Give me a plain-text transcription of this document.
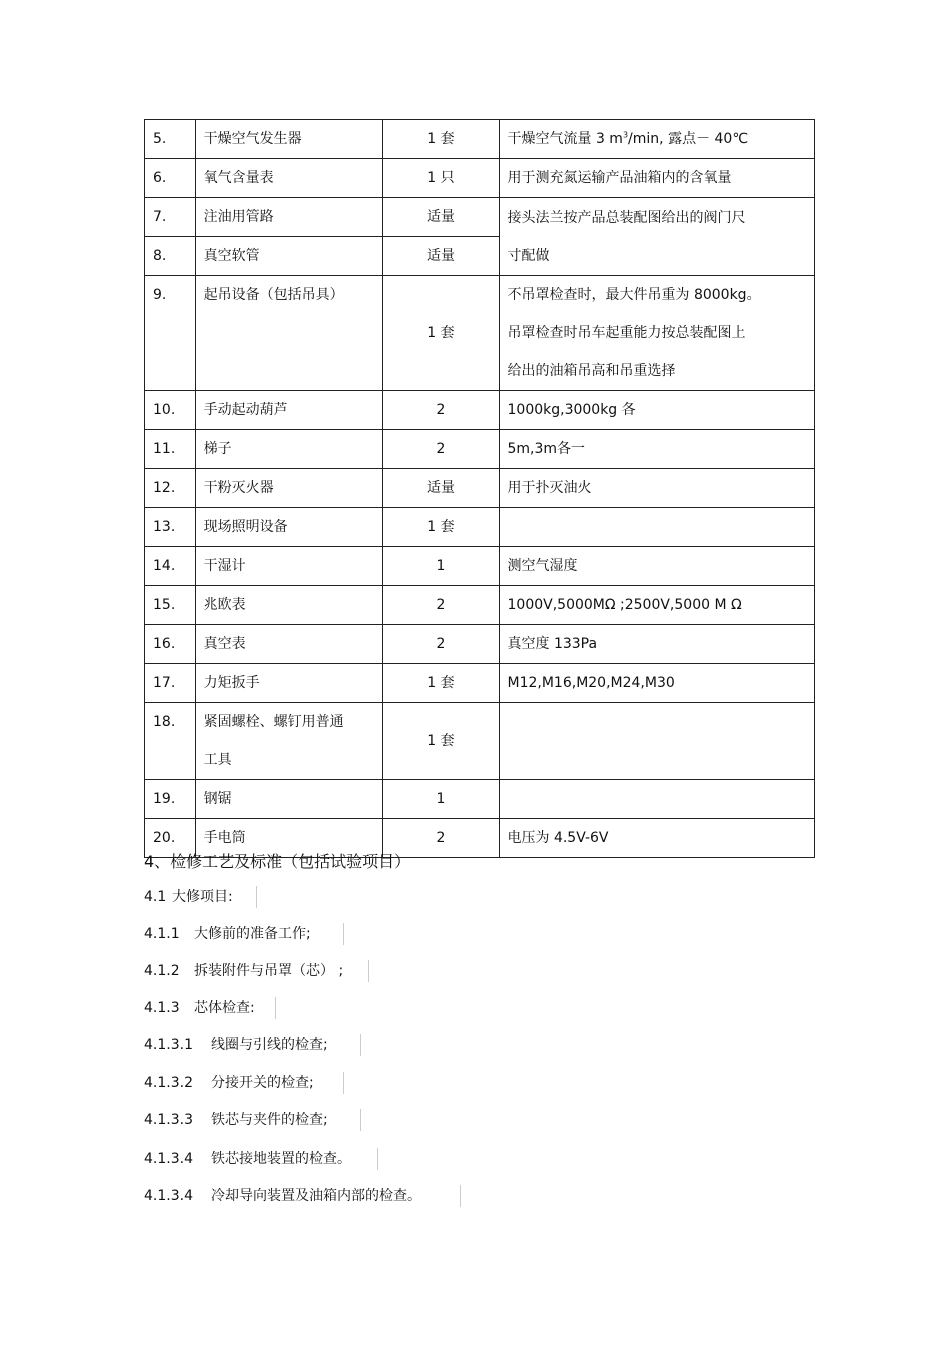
5.	干燥空气发生器	1 套	干燥空气流量 3 $m^3/\min$, 露点－ 40℃
6.	氧气含量表	1 只	用于测充氮运输产品油箱内的含氧量
7.	注油用管路	适量	接头法兰按产品总装配图给出的阀门尺
寸配做

8.	真空软管	适量	
9.	起吊设备（包括吊具）	1 套	不吊罩检查时，最大件吊重为 8000kg。
吊罩检查时吊车起重能力按总装配图上
给出的油箱吊高和吊重选择

10.	手动起动葫芦	2	1000kg,3000kg 各
11.	梯子	2	5m,3m各一
12.	干粉灭火器	适量	用于扑灭油火
13.	现场照明设备	1 套	
14.	干湿计	1	测空气湿度
15.	兆欧表	2	1000V,5000MΩ ;2500V,5000 M Ω
16.	真空表	2	真空度 133Pa
17.	力矩扳手	1 套	M12,M16,M20,M24,M30
18.	紧固螺栓、螺钉用普通
工具	1 套	
19.	钢锯	1	
20.	手电筒	2	电压为 4.5V-6V
4、检修工艺及标准（包括试验项目）
4.1 大修项目:
4.1.1 大修前的准备工作;
4.1.2 拆装附件与吊罩（芯） ;
4.1.3 芯体检查:
4.1.3.1 线圈与引线的检查;
4.1.3.2 分接开关的检查;
4.1.3.3 铁芯与夹件的检查;
4.1.3.4 铁芯接地装置的检查。
4.1.3.4 冷却导向装置及油箱内部的检查。
